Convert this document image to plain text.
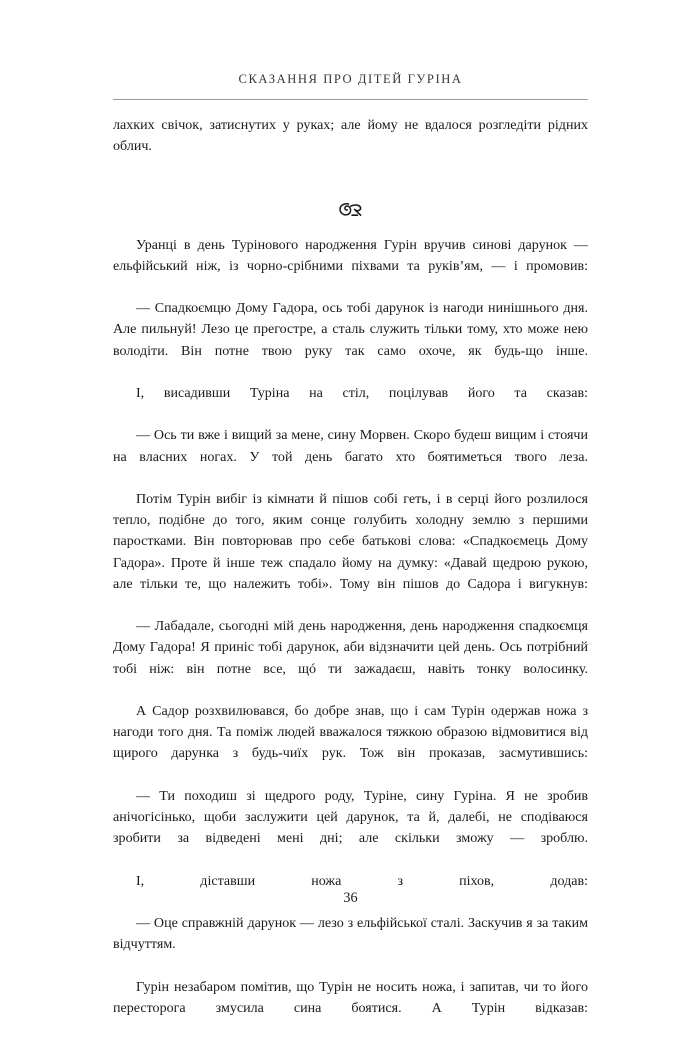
СКАЗАННЯ ПРО ДІТЕЙ ГУРІНА

лахких свічок, затиснутих у руках; але йому не вдалося розгледіти рідних облич.

Уранці в день Турінового народження Гурін вручив синові дарунок — ельфійський ніж, із чорно-срібними піхвами та руків’ям, — і промовив:

— Спадкоємцю Дому Гадора, ось тобі дарунок із нагоди нинішнього дня. Але пильнуй! Лезо це прегостре, а сталь служить тільки тому, хто може нею володіти. Він потне твою руку так само охоче, як будь-що інше.

І, висадивши Туріна на стіл, поцілував його та сказав:

— Ось ти вже і вищий за мене, сину Морвен. Скоро будеш вищим і стоячи на власних ногах. У той день багато хто боятиметься твого леза.

Потім Турін вибіг із кімнати й пішов собі геть, і в серці його розлилося тепло, подібне до того, яким сонце голубить холодну землю з першими паростками. Він повторював про себе батькові слова: «Спадкоємець Дому Гадора». Проте й інше теж спадало йому на думку: «Давай щедрою рукою, але тільки те, що належить тобі». Тому він пішов до Садора і вигукнув:

— Лабадале, сьогодні мій день народження, день народження спадкоємця Дому Гадора! Я приніс тобі дарунок, аби відзначити цей день. Ось потрібний тобі ніж: він потне все, щó ти зажадаєш, навіть тонку волосинку.

А Садор розхвилювався, бо добре знав, що і сам Турін одержав ножа з нагоди того дня. Та поміж людей вважалося тяжкою образою відмовитися від щирого дарунка з будь-чиїх рук. Тож він проказав, засмутившись:

— Ти походиш зі щедрого роду, Туріне, сину Гуріна. Я не зробив анічогісінько, щоби заслужити цей дарунок, та й, далебі, не сподіваюся зробити за відведені мені дні; але скільки зможу — зроблю.

І, діставши ножа з піхов, додав:

— Оце справжній дарунок — лезо з ельфійської сталі. Заскучив я за таким відчуттям.

Гурін незабаром помітив, що Турін не носить ножа, і запитав, чи то його пересторога змусила сина боятися. А Турін відказав:

36
